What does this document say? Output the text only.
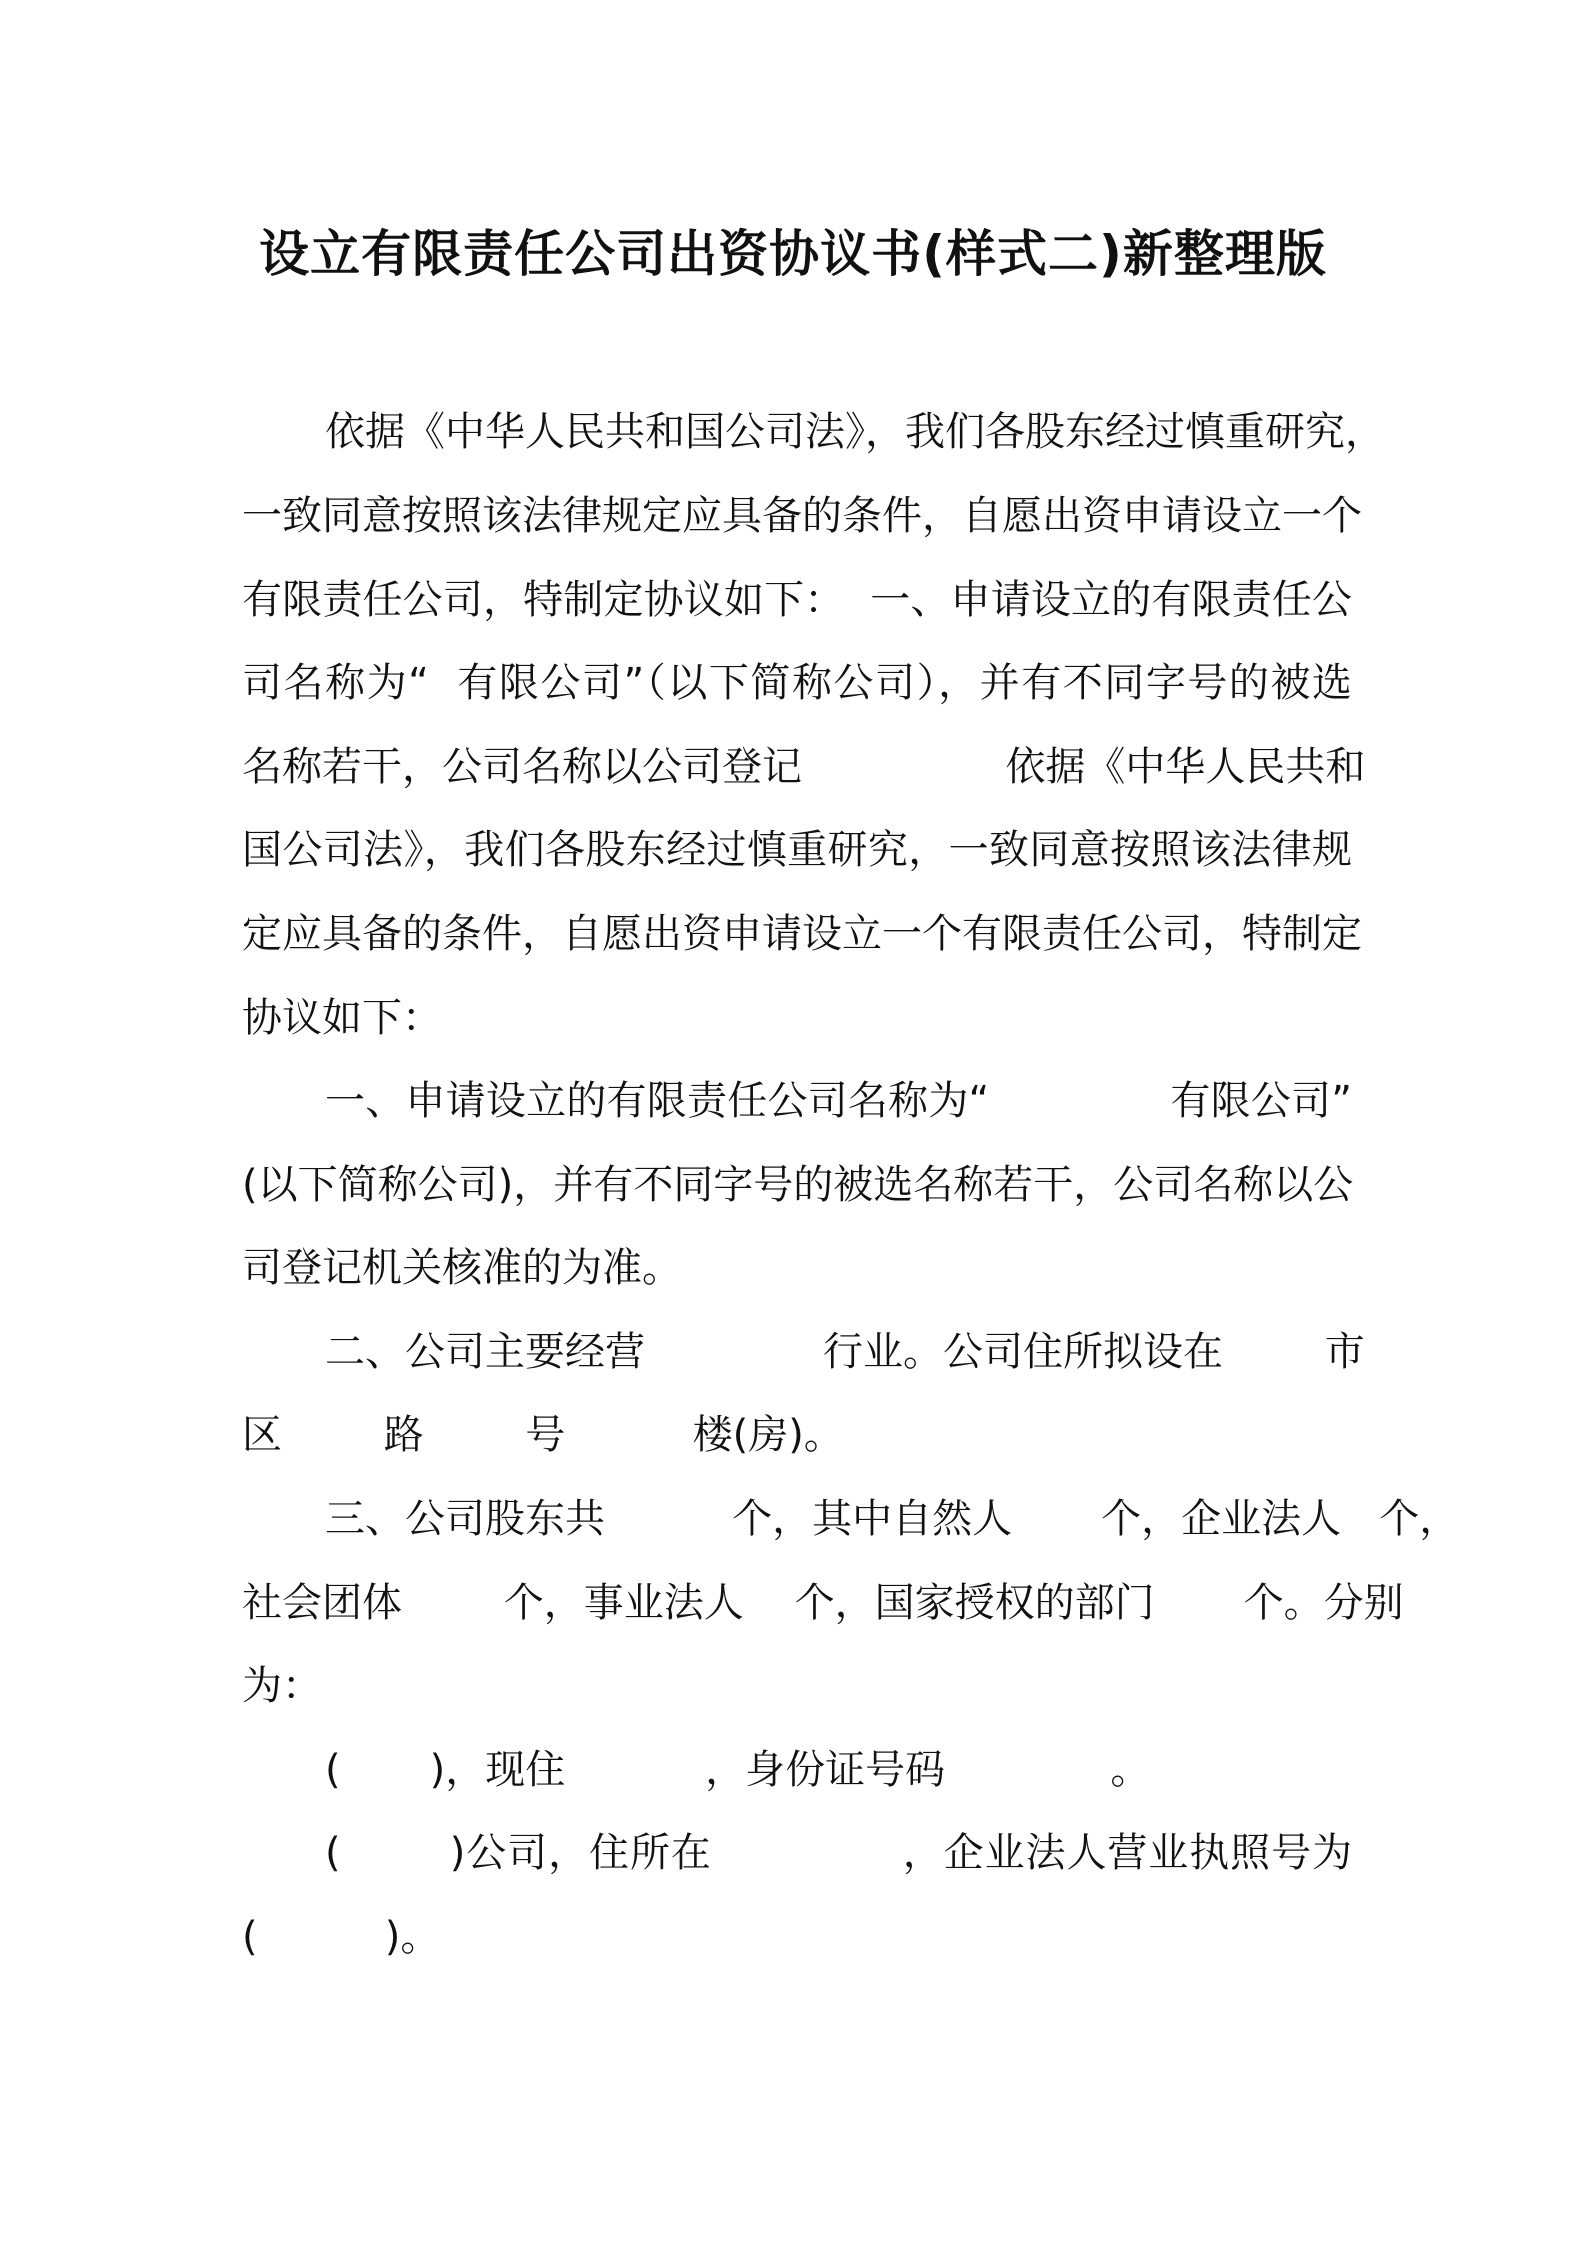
设立有限责任公司出资协议书(样式二)新整理版
依据《中华人民共和国公司法》，我们各股东经过慎重研究，
一致同意按照该法律规定应具备的条件，自愿出资申请设立一个
有限责任公司，特制定协议如下：  一、申请设立的有限责任公
司名称为“  有限公司”（以下简称公司），并有不同字号的被选
名称若干，公司名称以公司登记                依据《中华人民共和
国公司法》，我们各股东经过慎重研究，一致同意按照该法律规
定应具备的条件，自愿出资申请设立一个有限责任公司，特制定
协议如下：
一、申请设立的有限责任公司名称为“              有限公司”
(以下简称公司)，并有不同字号的被选名称若干，公司名称以公
司登记机关核准的为准。
二、公司主要经营              行业。公司住所拟设在        市
区        路        号          楼(房)。
三、公司股东共          个，其中自然人       个，企业法人   个，
社会团体        个，事业法人    个，国家授权的部门       个。分别
为：
(       )，现住           ，身份证号码             。
(        )公司，住所在              ，企业法人营业执照号为
(          )。
